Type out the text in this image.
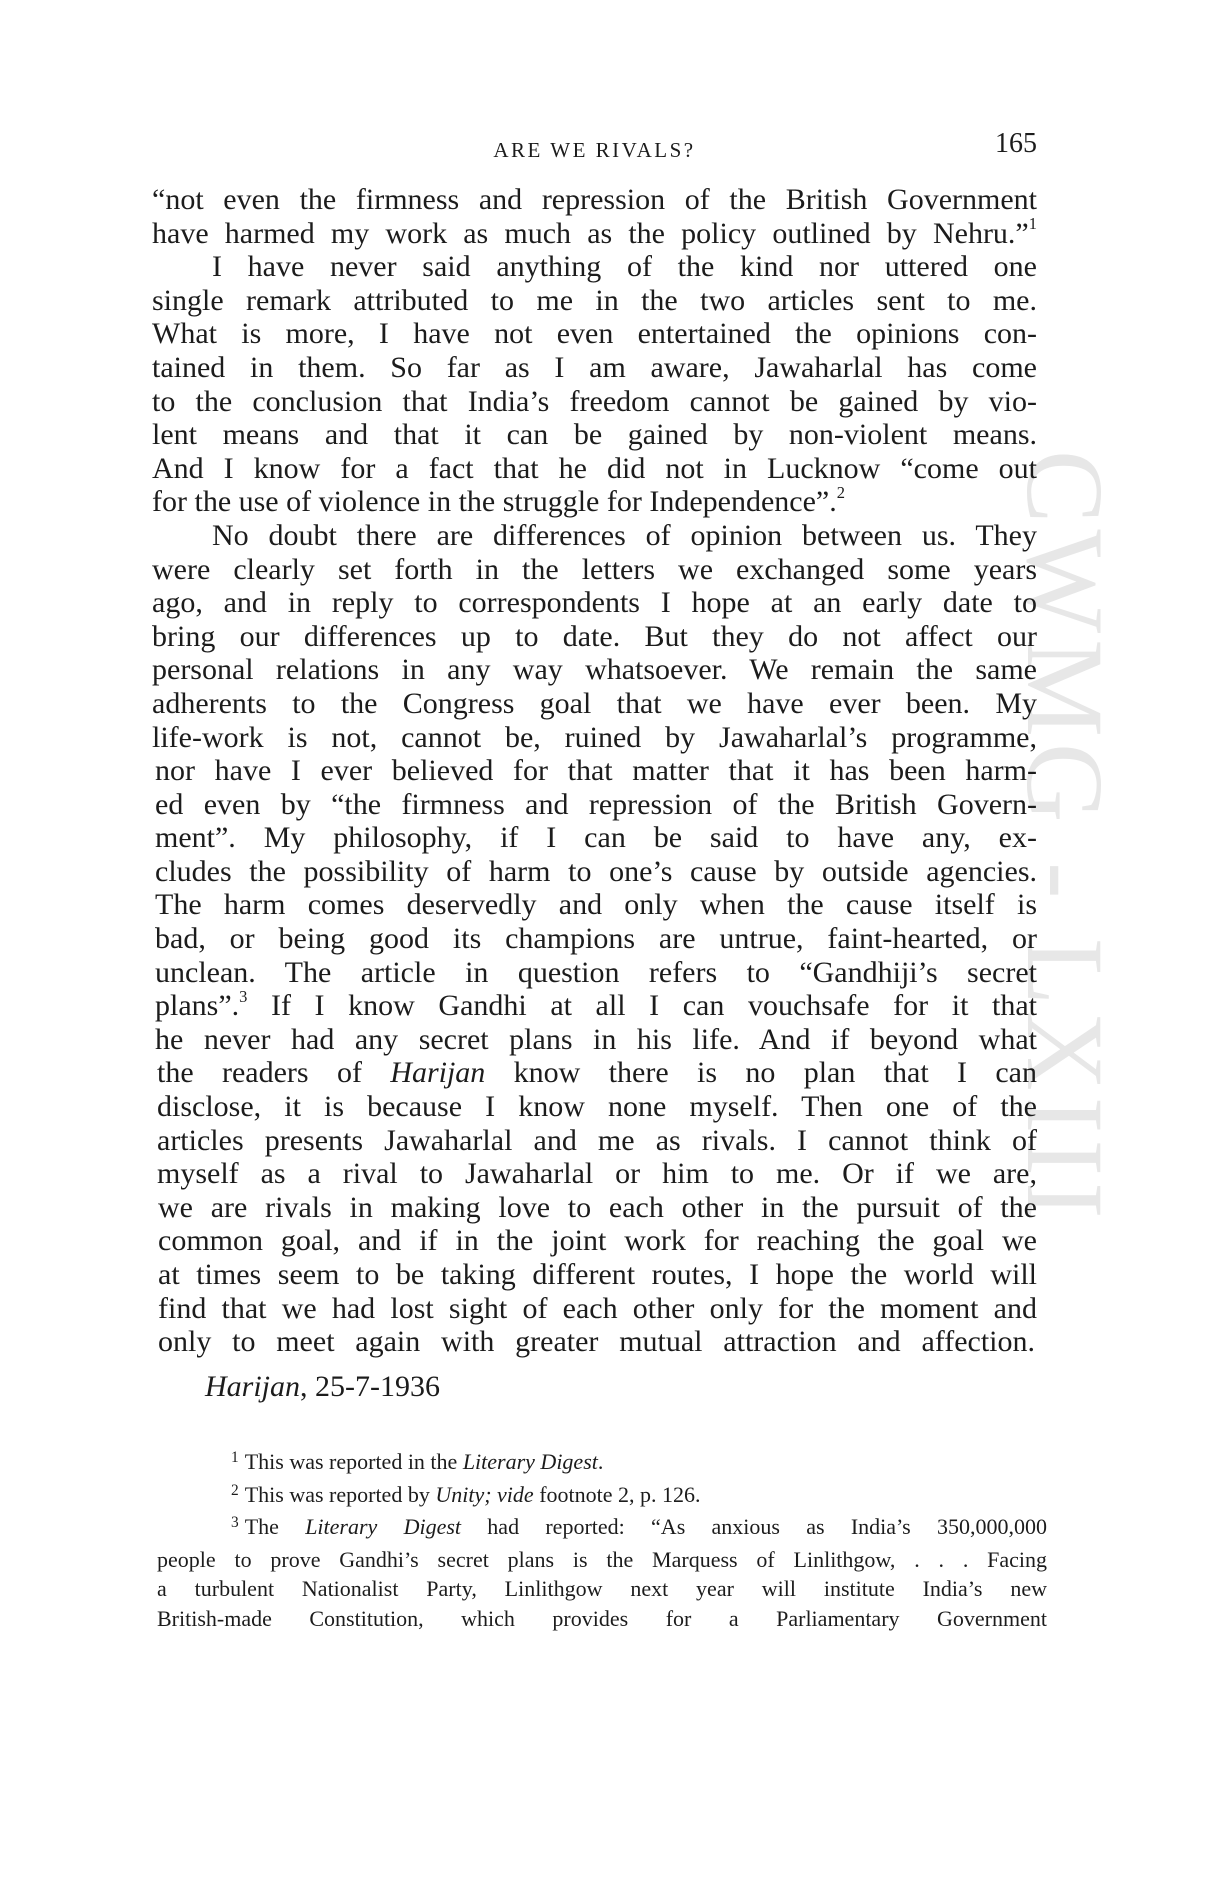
ARE WE RIVALS?	165
CWMG - LXIII
“not even the firmness and repression of the British Government
have harmed my work as much as the policy outlined by Nehru.”$^1$
I have never said anything of the kind nor uttered one
single remark attributed to me in the two articles sent to me.
What is more, I have not even entertained the opinions con-
tained in them. So far as I am aware, Jawaharlal has come
to the conclusion that India’s freedom cannot be gained by vio-
lent means and that it can be gained by non-violent means.
And I know for a fact that he did not in Lucknow “come out
for the use of violence in the struggle for Independence”.$^2$
No doubt there are differences of opinion between us. They
were clearly set forth in the letters we exchanged some years
ago, and in reply to correspondents I hope at an early date to
bring our differences up to date. But they do not affect our
personal relations in any way whatsoever. We remain the same
adherents to the Congress goal that we have ever been. My
life-work is not, cannot be, ruined by Jawaharlal’s programme,
nor have I ever believed for that matter that it has been harm-
ed even by “the firmness and repression of the British Govern-
ment”. My philosophy, if I can be said to have any, ex-
cludes the possibility of harm to one’s cause by outside agencies.
The harm comes deservedly and only when the cause itself is
bad, or being good its champions are untrue, faint-hearted, or
unclean. The article in question refers to “Gandhiji’s secret
plans”.$^3$ If I know Gandhi at all I can vouchsafe for it that
he never had any secret plans in his life. And if beyond what
the readers of Harijan know there is no plan that I can
disclose, it is because I know none myself. Then one of the
articles presents Jawaharlal and me as rivals. I cannot think of
myself as a rival to Jawaharlal or him to me. Or if we are,
we are rivals in making love to each other in the pursuit of the
common goal, and if in the joint work for reaching the goal we
at times seem to be taking different routes, I hope the world will
find that we had lost sight of each other only for the moment and
only to meet again with greater mutual attraction and affection.
Harijan, 25-7-1936
$^1$ This was reported in the Literary Digest.
$^2$ This was reported by Unity; vide footnote 2, p. 126.
$^3$ The Literary Digest had reported: “As anxious as India’s 350,000,000
people to prove Gandhi’s secret plans is the Marquess of Linlithgow, . . . Facing
a turbulent Nationalist Party, Linlithgow next year will institute India’s new
British-made Constitution, which provides for a Parliamentary Government
